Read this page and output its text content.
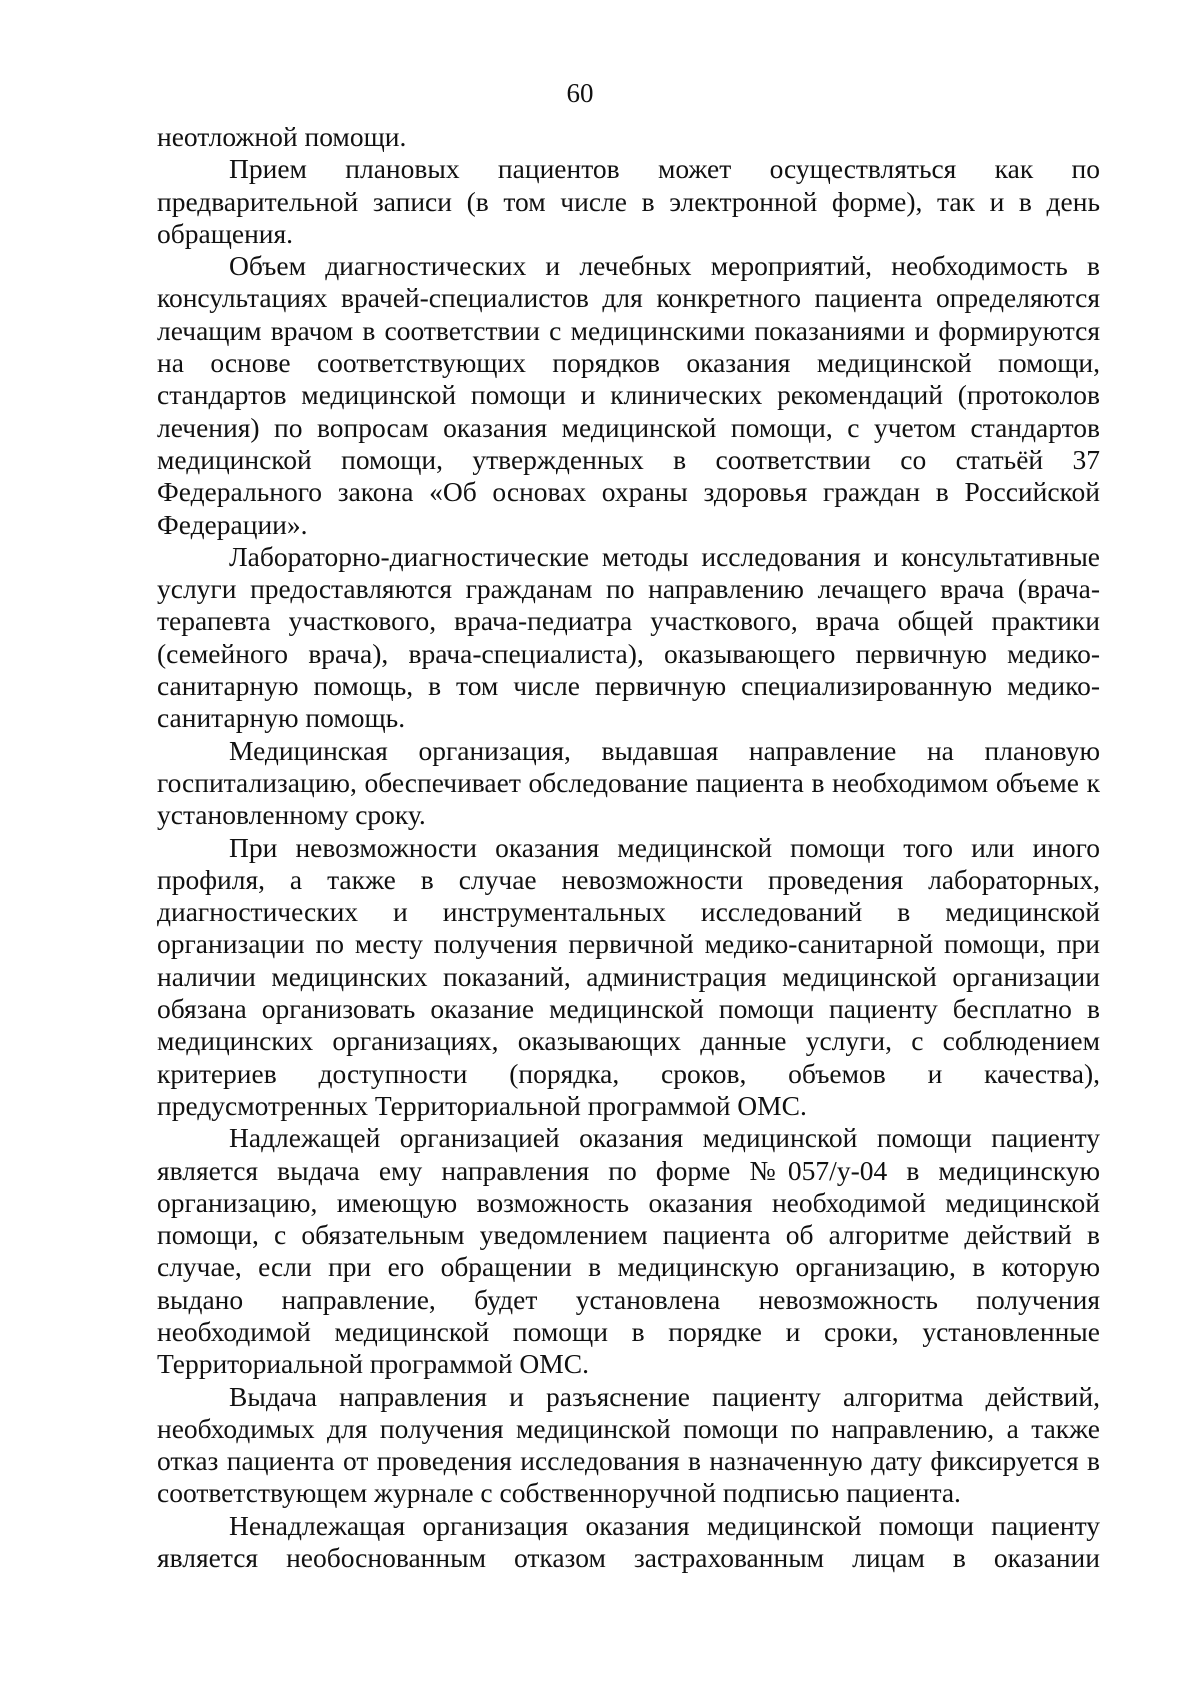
60

неотложной помощи.

Прием плановых пациентов может осуществляться как по предварительной записи (в том числе в электронной форме), так и в день обращения.

Объем диагностических и лечебных мероприятий, необходимость в консультациях врачей-специалистов для конкретного пациента определяются лечащим врачом в соответствии с медицинскими показаниями и формируются на основе соответствующих порядков оказания медицинской помощи, стандартов медицинской помощи и клинических рекомендаций (протоколов лечения) по вопросам оказания медицинской помощи, с учетом стандартов медицинской помощи, утвержденных в соответствии со статьёй 37 Федерального закона «Об основах охраны здоровья граждан в Российской Федерации».

Лабораторно-диагностические методы исследования и консультативные услуги предоставляются гражданам по направлению лечащего врача (врача-терапевта участкового, врача-педиатра участкового, врача общей практики (семейного врача), врача-специалиста), оказывающего первичную медико-санитарную помощь, в том числе первичную специализированную медико-санитарную помощь.

Медицинская организация, выдавшая направление на плановую госпитализацию, обеспечивает обследование пациента в необходимом объеме к установленному сроку.

При невозможности оказания медицинской помощи того или иного профиля, а также в случае невозможности проведения лабораторных, диагностических и инструментальных исследований в медицинской организации по месту получения первичной медико-санитарной помощи, при наличии медицинских показаний, администрация медицинской организации обязана организовать оказание медицинской помощи пациенту бесплатно в медицинских организациях, оказывающих данные услуги, с соблюдением критериев доступности (порядка, сроков, объемов и качества), предусмотренных Территориальной программой ОМС.

Надлежащей организацией оказания медицинской помощи пациенту является выдача ему направления по форме №057/у-04 в медицинскую организацию, имеющую возможность оказания необходимой медицинской помощи, с обязательным уведомлением пациента об алгоритме действий в случае, если при его обращении в медицинскую организацию, в которую выдано направление, будет установлена невозможность получения необходимой медицинской помощи в порядке и сроки, установленные Территориальной программой ОМС.

Выдача направления и разъяснение пациенту алгоритма действий, необходимых для получения медицинской помощи по направлению, а также отказ пациента от проведения исследования в назначенную дату фиксируется в соответствующем журнале с собственноручной подписью пациента.

Ненадлежащая организация оказания медицинской помощи пациенту является необоснованным отказом застрахованным лицам в оказании
